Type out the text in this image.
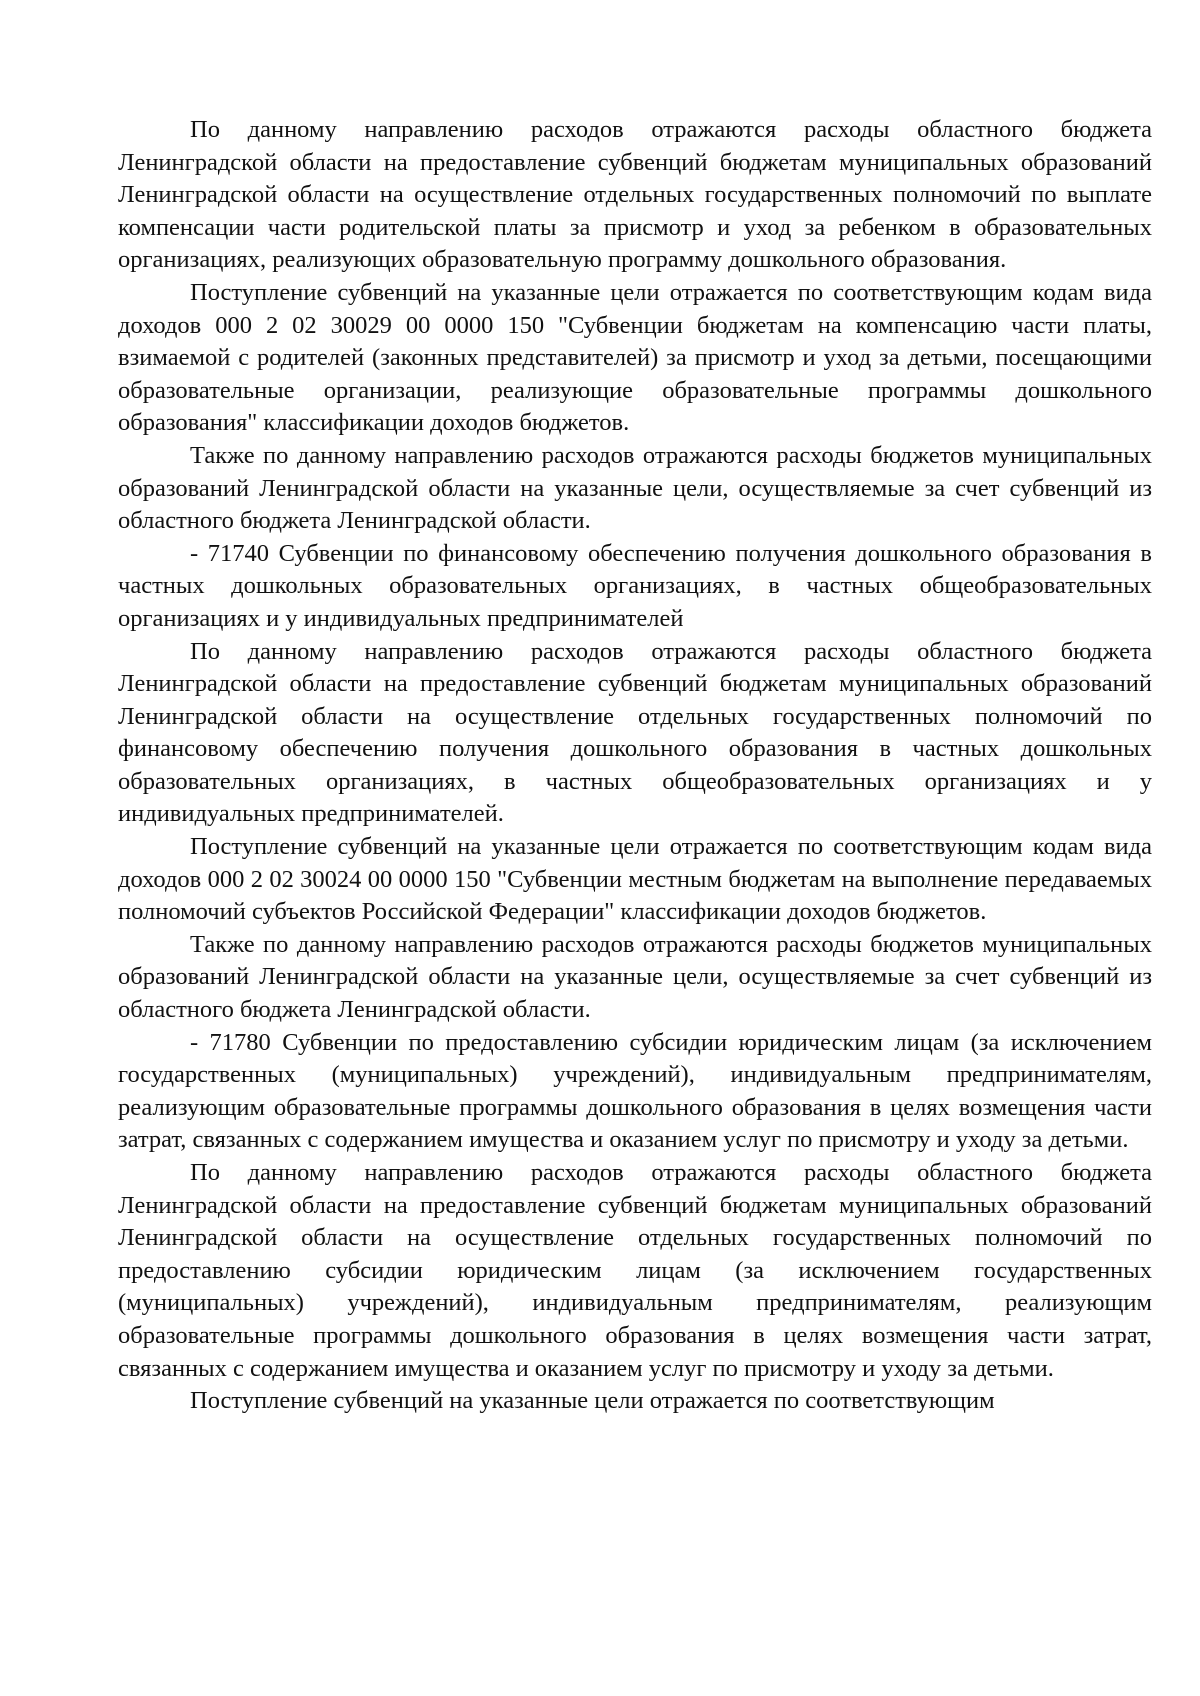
По данному направлению расходов отражаются расходы областного бюджета Ленинградской области на предоставление субвенций бюджетам муниципальных образований Ленинградской области на осуществление отдельных государственных полномочий по выплате компенсации части родительской платы за присмотр и уход за ребенком в образовательных организациях, реализующих образовательную программу дошкольного образования.

Поступление субвенций на указанные цели отражается по соответствующим кодам вида доходов 000 2 02 30029 00 0000 150 "Субвенции бюджетам на компенсацию части платы, взимаемой с родителей (законных представителей) за присмотр и уход за детьми, посещающими образовательные организации, реализующие образовательные программы дошкольного образования" классификации доходов бюджетов.

Также по данному направлению расходов отражаются расходы бюджетов муниципальных образований Ленинградской области на указанные цели, осуществляемые за счет субвенций из областного бюджета Ленинградской области.

- 71740 Субвенции по финансовому обеспечению получения дошкольного образования в частных дошкольных образовательных организациях, в частных общеобразовательных организациях и у индивидуальных предпринимателей

По данному направлению расходов отражаются расходы областного бюджета Ленинградской области на предоставление субвенций бюджетам муниципальных образований Ленинградской области на осуществление отдельных государственных полномочий по финансовому обеспечению получения дошкольного образования в частных дошкольных образовательных организациях, в частных общеобразовательных организациях и у индивидуальных предпринимателей.

Поступление субвенций на указанные цели отражается по соответствующим кодам вида доходов 000 2 02 30024 00 0000 150 "Субвенции местным бюджетам на выполнение передаваемых полномочий субъектов Российской Федерации" классификации доходов бюджетов.

Также по данному направлению расходов отражаются расходы бюджетов муниципальных образований Ленинградской области на указанные цели, осуществляемые за счет субвенций из областного бюджета Ленинградской области.

- 71780 Субвенции по предоставлению субсидии юридическим лицам (за исключением государственных (муниципальных) учреждений), индивидуальным предпринимателям, реализующим образовательные программы дошкольного образования в целях возмещения части затрат, связанных с содержанием имущества и оказанием услуг по присмотру и уходу за детьми.

По данному направлению расходов отражаются расходы областного бюджета Ленинградской области на предоставление субвенций бюджетам муниципальных образований Ленинградской области на осуществление отдельных государственных полномочий по предоставлению субсидии юридическим лицам (за исключением государственных (муниципальных) учреждений), индивидуальным предпринимателям, реализующим образовательные программы дошкольного образования в целях возмещения части затрат, связанных с содержанием имущества и оказанием услуг по присмотру и уходу за детьми.

Поступление субвенций на указанные цели отражается по соответствующим
